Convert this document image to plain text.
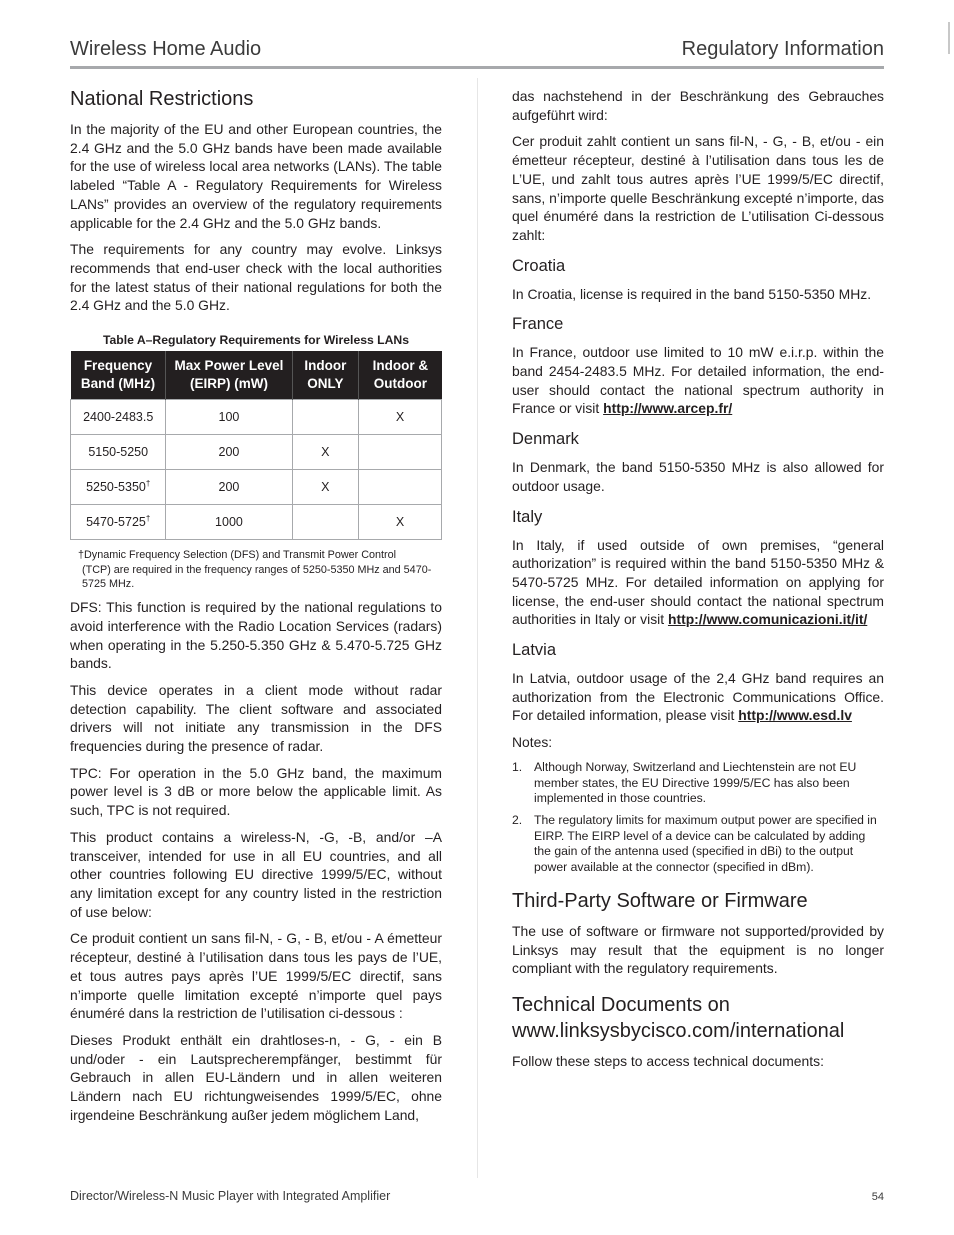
Wireless Home Audio	Regulatory Information
National Restrictions

In the majority of the EU and other European countries, the 2.4 GHz and the 5.0 GHz bands have been made available for the use of wireless local area networks (LANs). The table labeled “Table A - Regulatory Requirements for Wireless LANs” provides an overview of the regulatory requirements applicable for the 2.4 GHz and the 5.0 GHz bands.

The requirements for any country may evolve. Linksys recommends that end-user check with the local authorities for the latest status of their national regulations for both the 2.4 GHz and the 5.0 GHz.

Table A–Regulatory Requirements for Wireless LANs
Frequency Band (MHz)	Max Power Level (EIRP) (mW)	Indoor ONLY	Indoor & Outdoor
2400-2483.5	100		X
5150-5250	200	X	
5250-5350†	200	X	
5470-5725†	1000		X
†Dynamic Frequency Selection (DFS) and Transmit Power Control
(TCP) are required in the frequency ranges of 5250-5350 MHz and 5470-5725 MHz.

DFS: This function is required by the national regulations to avoid interference with the Radio Location Services (radars) when operating in the 5.250-5.350 GHz & 5.470-5.725 GHz bands.

This device operates in a client mode without radar detection capability. The client software and associated drivers will not initiate any transmission in the DFS frequencies during the presence of radar.

TPC: For operation in the 5.0 GHz band, the maximum power level is 3 dB or more below the applicable limit. As such, TPC is not required.

This product contains a wireless-N, -G, -B, and/or –A transceiver, intended for use in all EU countries, and all other countries following EU directive 1999/5/EC, without any limitation except for any country listed in the restriction of use below:

Ce produit contient un sans fil-N, - G, - B, et/ou - A émetteur récepteur, destiné à l’utilisation dans tous les pays de l’UE, et tous autres pays après l’UE 1999/5/EC directif, sans n’importe quelle limitation excepté n’importe quel pays énuméré dans la restriction de l’utilisation ci-dessous :

Dieses Produkt enthält ein drahtloses-n, - G, - ein B und/oder - ein Lautsprecherempfänger, bestimmt für Gebrauch in allen EU-Ländern und in allen weiteren Ländern nach EU richtungweisendes 1999/5/EC, ohne irgendeine Beschränkung außer jedem möglichem Land,

das nachstehend in der Beschränkung des Gebrauches aufgeführt wird:

Cer produit zahlt contient un sans fil-N, - G, - B, et/ou - ein émetteur récepteur, destiné à l’utilisation dans tous les de L’UE, und zahlt tous autres après l’UE 1999/5/EC directif, sans, n’importe quelle Beschränkung excepté n’importe, das quel énuméré dans la restriction de L’utilisation Ci-dessous zahlt:

Croatia

In Croatia, license is required in the band 5150-5350 MHz.

France

In France, outdoor use limited to 10 mW e.i.r.p. within the band 2454-2483.5 MHz. For detailed information, the end-user should contact the national spectrum authority in France or visit http://www.arcep.fr/

Denmark

In Denmark, the band 5150-5350 MHz is also allowed for outdoor usage.

Italy

In Italy, if used outside of own premises, “general authorization” is required within the band 5150-5350 MHz & 5470-5725 MHz. For detailed information on applying for license, the end-user should contact the national spectrum authorities in Italy or visit http://www.comunicazioni.it/it/

Latvia

In Latvia, outdoor usage of the 2,4 GHz band requires an authorization from the Electronic Communications Office. For detailed information, please visit http://www.esd.lv

Notes:

1. Although Norway, Switzerland and Liechtenstein are not EU member states, the EU Directive 1999/5/EC has also been implemented in those countries.
2. The regulatory limits for maximum output power are specified in EIRP. The EIRP level of a device can be calculated by adding the gain of the antenna used (specified in dBi) to the output power available at the connector (specified in dBm).
Third-Party Software or Firmware

The use of software or firmware not supported/provided by Linksys may result that the equipment is no longer compliant with the regulatory requirements.

Technical Documents on
www.linksysbycisco.com/international

Follow these steps to access technical documents:

Director/Wireless-N Music Player with Integrated Amplifier	54
